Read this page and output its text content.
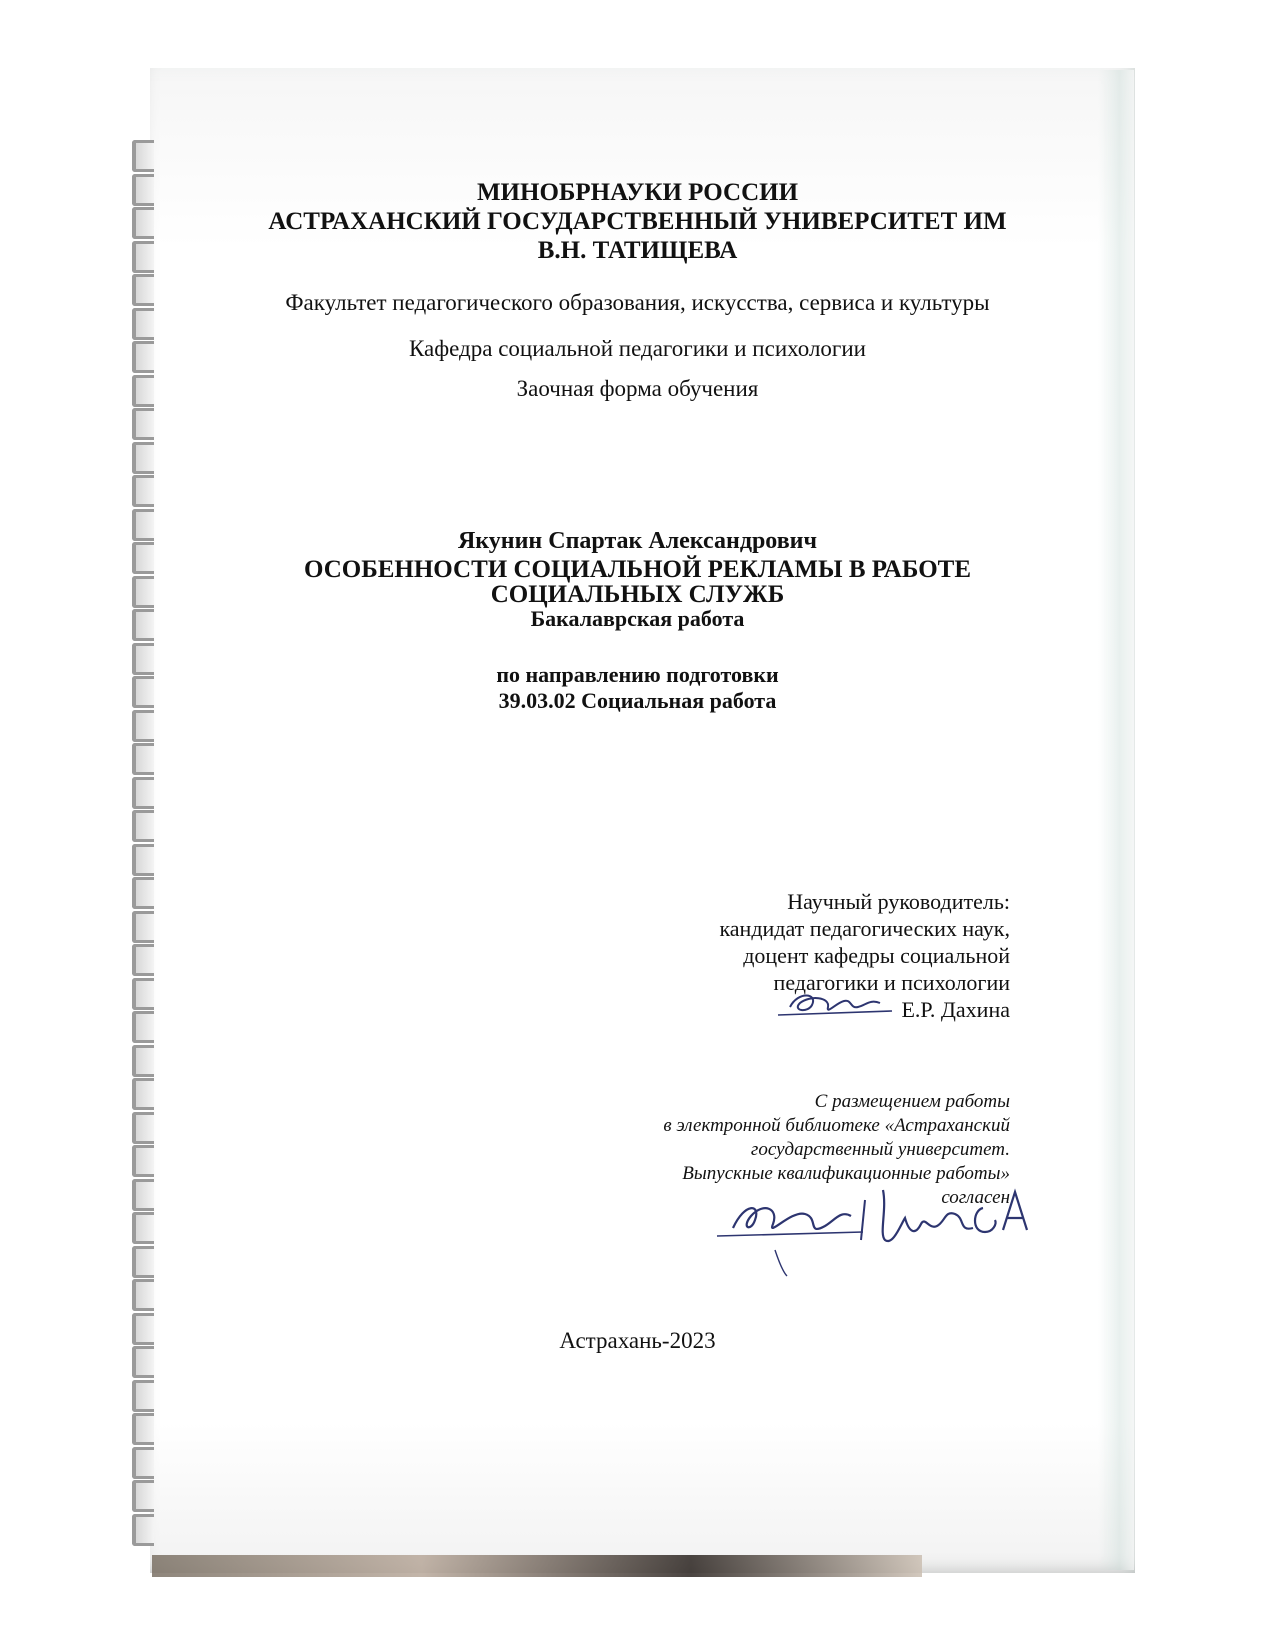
МИНОБРНАУКИ РОССИИ
АСТРАХАНСКИЙ ГОСУДАРСТВЕННЫЙ УНИВЕРСИТЕТ ИМ
В.Н. ТАТИЩЕВА
Факультет педагогического образования, искусства, сервиса и культуры
Кафедра социальной педагогики и психологии
Заочная форма обучения
Якунин Спартак Александрович
ОСОБЕННОСТИ СОЦИАЛЬНОЙ РЕКЛАМЫ В РАБОТЕ
СОЦИАЛЬНЫХ СЛУЖБ
Бакалаврская работа
по направлению подготовки
39.03.02 Социальная работа
Научный руководитель:
кандидат педагогических наук,
доцент кафедры социальной
педагогики и психологии
Е.Р. Дахина
С размещением работы
в электронной библиотеке «Астраханский
государственный университет.
Выпускные квалификационные работы»
согласен
Астрахань-2023
